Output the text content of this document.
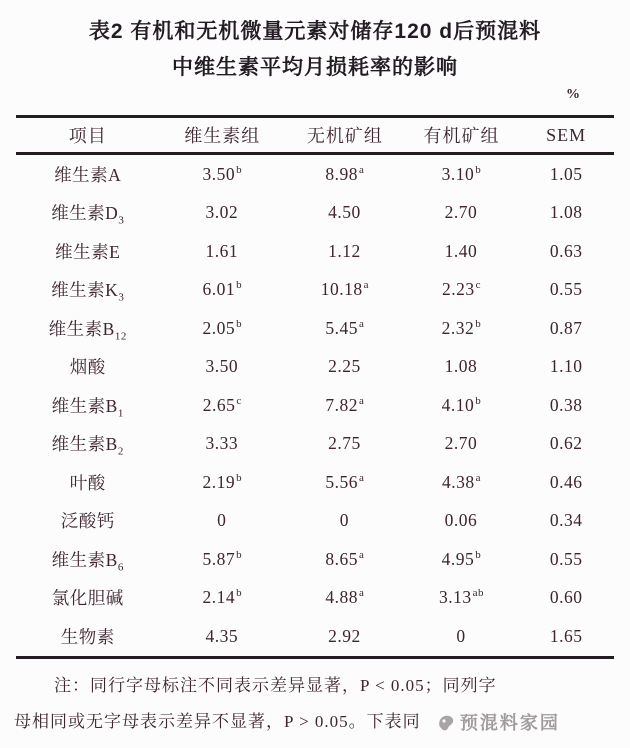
表2 有机和无机微量元素对储存120 d后预混料
中维生素平均月损耗率的影响
%
项目	维生素组	无机矿组	有机矿组	SEM
维生素A	3.50$^b$	8.98$^a$	3.10$^b$	1.05
维生素$D_3$	3.02	4.50	2.70	1.08
维生素E	1.61	1.12	1.40	0.63
维生素$K_3$	6.01$^b$	10.18$^a$	2.23$^c$	0.55
维生素$B_{12}$	2.05$^b$	5.45$^a$	2.32$^b$	0.87
烟酸	3.50	2.25	1.08	1.10
维生素$B_1$	2.65$^c$	7.82$^a$	4.10$^b$	0.38
维生素$B_2$	3.33	2.75	2.70	0.62
叶酸	2.19$^b$	5.56$^a$	4.38$^a$	0.46
泛酸钙	0	0	0.06	0.34
维生素$B_6$	5.87$^b$	8.65$^a$	4.95$^b$	0.55
氯化胆碱	2.14$^b$	4.88$^a$	3.13$^{ab}$	0.60
生物素	4.35	2.92	0	1.65
注：同行字母标注不同表示差异显著，P < 0.05；同列字
母相同或无字母表示差异不显著，P > 0.05。下表同 预混料家园
